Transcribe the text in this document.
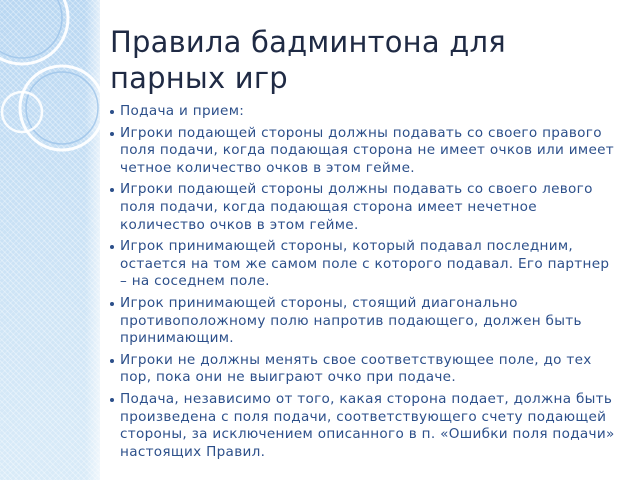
Правила бадминтона для парных игр
Подача и прием:
Игроки подающей стороны должны подавать со своего правого поля подачи, когда подающая сторона не имеет очков или имеет четное количество очков в этом гейме.
Игроки подающей стороны должны подавать со своего левого поля подачи, когда подающая сторона имеет нечетное количество очков в этом гейме.
Игрок принимающей стороны, который подавал последним, остается на том же самом поле с которого подавал. Его партнер – на соседнем поле.
Игрок принимающей стороны, стоящий диагонально противоположному полю напротив подающего, должен быть принимающим.
Игроки не должны менять свое соответствующее поле, до тех пор, пока они не выиграют очко при подаче.
Подача, независимо от того, какая сторона подает, должна быть произведена с поля подачи, соответствующего счету подающей стороны, за исключением описанного в п. «Ошибки поля подачи» настоящих Правил.
